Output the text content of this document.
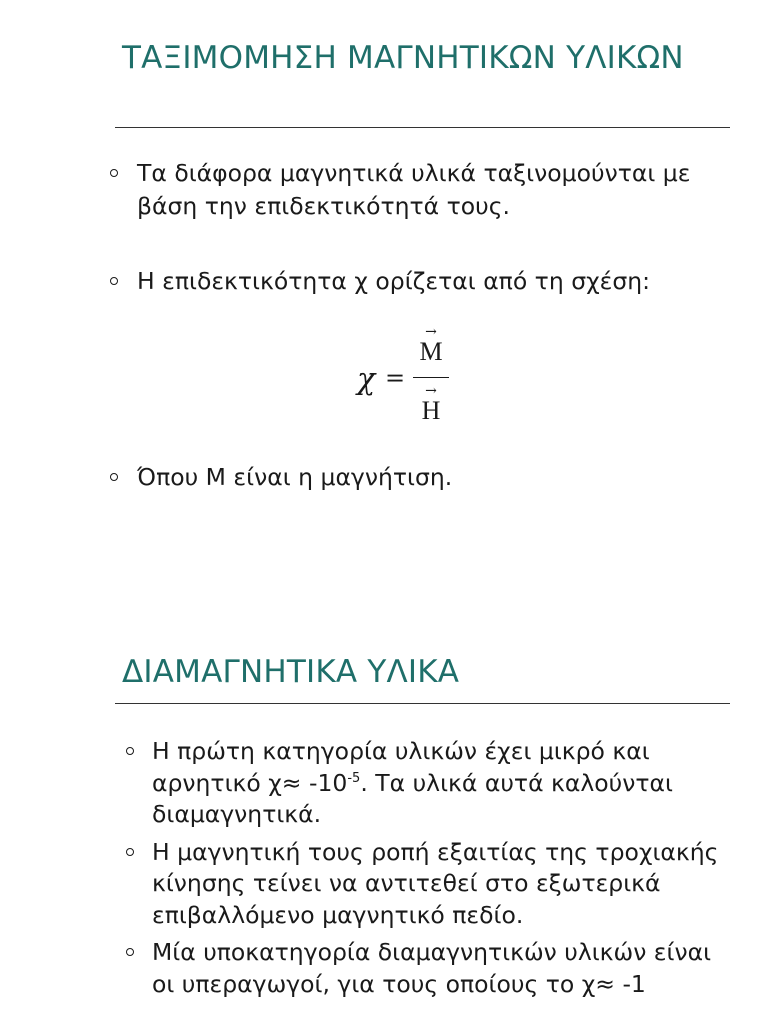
ΤΑΞΙΜΟΜΗΣΗ ΜΑΓΝΗΤΙΚΩΝ ΥΛΙΚΩΝ
Τα διάφορα μαγνητικά υλικά ταξινομούνται με βάση την επιδεκτικότητά τους.
Η επιδεκτικότητα χ ορίζεται από τη σχέση:
Όπου Μ είναι η μαγνήτιση.
χ =
→
M
→
H
ΔΙΑΜΑΓΝΗΤΙΚΑ ΥΛΙΚΑ
Η πρώτη κατηγορία υλικών έχει μικρό και αρνητικό $\chi\approx -10^{-5}$. Τα υλικά αυτά καλούνται διαμαγνητικά.
Η μαγνητική τους ροπή εξαιτίας της τροχιακής κίνησης τείνει να αντιτεθεί στο εξωτερικά επιβαλλόμενο μαγνητικό πεδίο.
Μία υποκατηγορία διαμαγνητικών υλικών είναι οι υπεραγωγοί, για τους οποίους το χ≈ -1
